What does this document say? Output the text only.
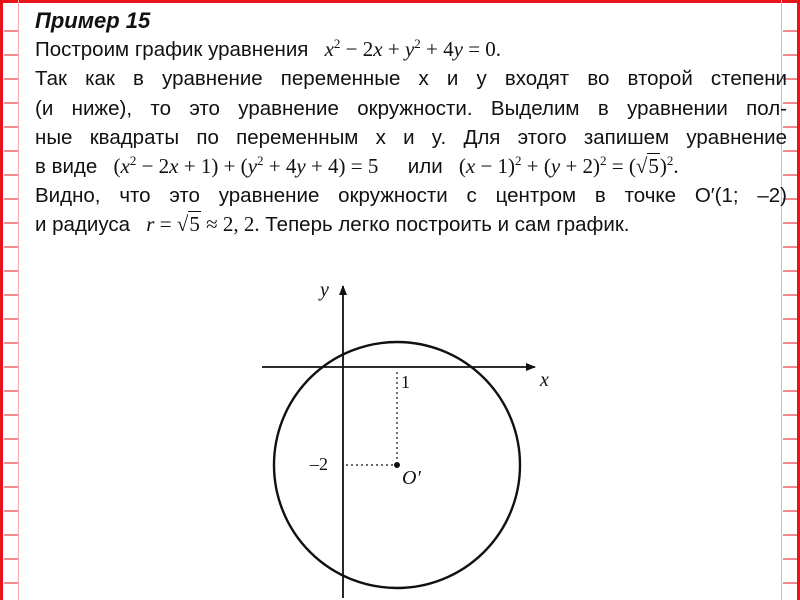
Пример 15
Построим график уравнения $x^2 - 2x + y^2 + 4y = 0$.
Так как в уравнение переменные x и y входят во второй степени
(и ниже), то это уравнение окружности. Выделим в уравнении пол-
ные квадраты по переменным x и y. Для этого запишем уравнение
в виде   $(x^2 - 2x + 1) + (y^2 + 4y + 4) = 5$ или   $(x - 1)^2 + (y + 2)^2 = (√5)^2$.
Видно, что это уравнение окружности с центром в точке O′(1; –2)
и радиуса r = √5 ≈ 2, 2. Теперь легко построить и сам график.
y
x
1
–2
O′
